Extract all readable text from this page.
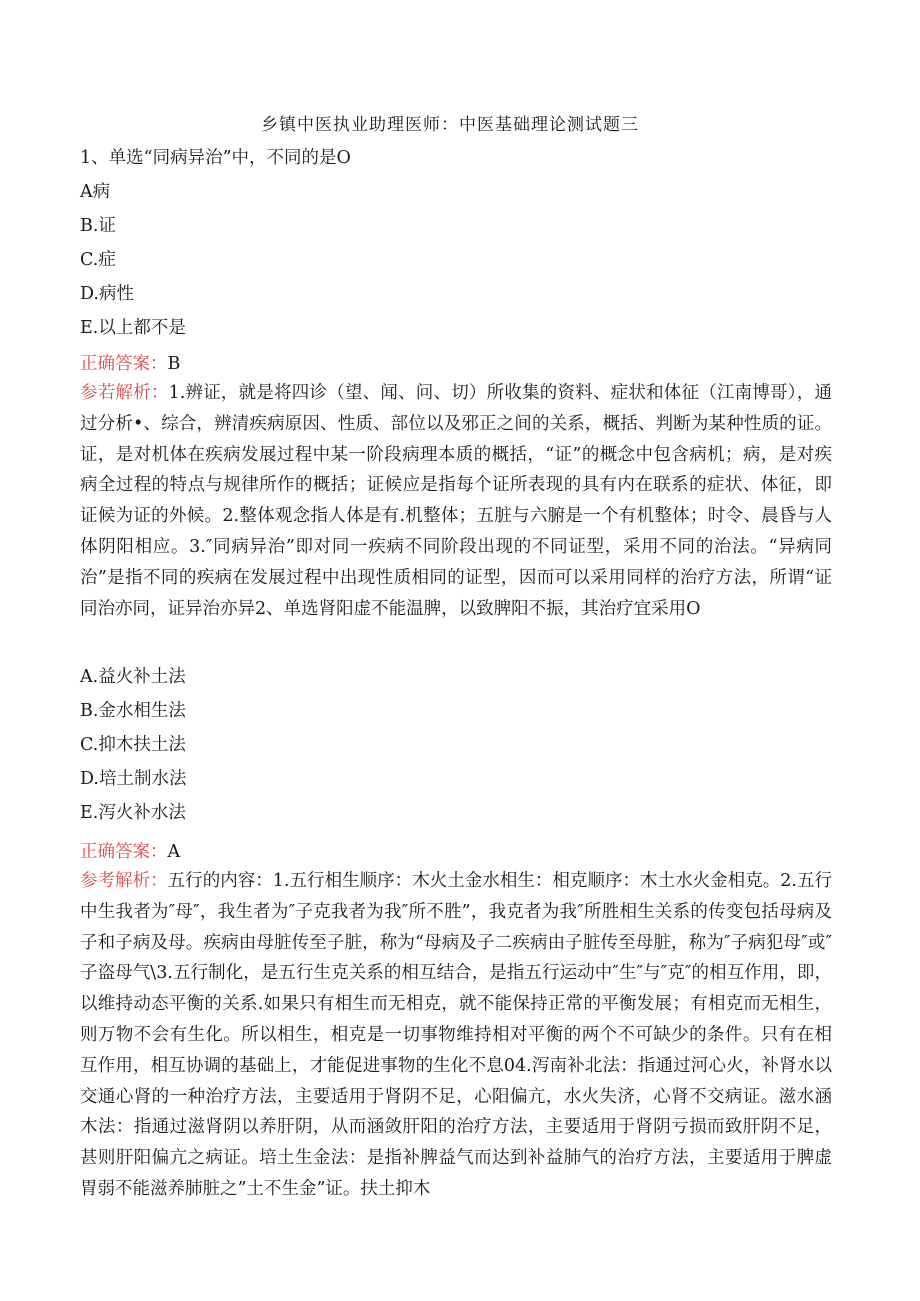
乡镇中医执业助理医师：中医基础理论测试题三
1、单选“同病异治”中，不同的是O
A病
B.证
C.症
D.病性
E.以上都不是
正确答案：B

参若解析：1.辨证，就是将四诊（望、闻、问、切）所收集的资料、症状和体征（江南博哥），通过分析•、综合，辨清疾病原因、性质、部位以及邪正之间的关系，概括、判断为某种性质的证。证，是对机体在疾病发展过程中某一阶段病理本质的概括，“证”的概念中包含病机；病，是对疾病全过程的特点与规律所作的概括；证候应是指每个证所表现的具有内在联系的症状、体征，即证候为证的外候。2.整体观念指人体是有.机整体；五脏与六腑是一个有机整体；时令、晨昏与人体阴阳相应。3.″同病异治”即对同一疾病不同阶段出现的不同证型，采用不同的治法。“异病同治”是指不同的疾病在发展过程中出现性质相同的证型，因而可以采用同样的治疗方法，所谓“证同治亦同，证异治亦异2、单选肾阳虚不能温脾，以致脾阳不振，其治疗宜采用O

A.益火补土法
B.金水相生法
C.抑木扶土法
D.培土制水法
E.泻火补水法
正确答案：A

参考解析：五行的内容：1.五行相生顺序：木火土金水相生：相克顺序：木土水火金相克。2.五行中生我者为″母″，我生者为″子克我者为我″所不胜”，我克者为我″所胜相生关系的传变包括母病及子和子病及母。疾病由母脏传至子脏，称为“母病及子二疾病由子脏传至母脏，称为″子病犯母″或″子盗母气\3.五行制化，是五行生克关系的相互结合，是指五行运动中″生″与″克″的相互作用，即，以维持动态平衡的关系.如果只有相生而无相克，就不能保持正常的平衡发展；有相克而无相生，则万物不会有生化。所以相生，相克是一切事物维持相对平衡的两个不可缺少的条件。只有在相互作用，相互协调的基础上，才能促进事物的生化不息04.泻南补北法：指通过河心火，补肾水以交通心肾的一种治疗方法，主要适用于肾阴不足，心阳偏亢，水火失济，心肾不交病证。滋水涵木法：指通过滋肾阴以养肝阴，从而涵敛肝阳的治疗方法，主要适用于肾阴亏损而致肝阴不足，甚则肝阳偏亢之病证。培土生金法：是指补脾益气而达到补益肺气的治疗方法，主要适用于脾虚胃弱不能滋养肺脏之”土不生金”证。扶土抑木
